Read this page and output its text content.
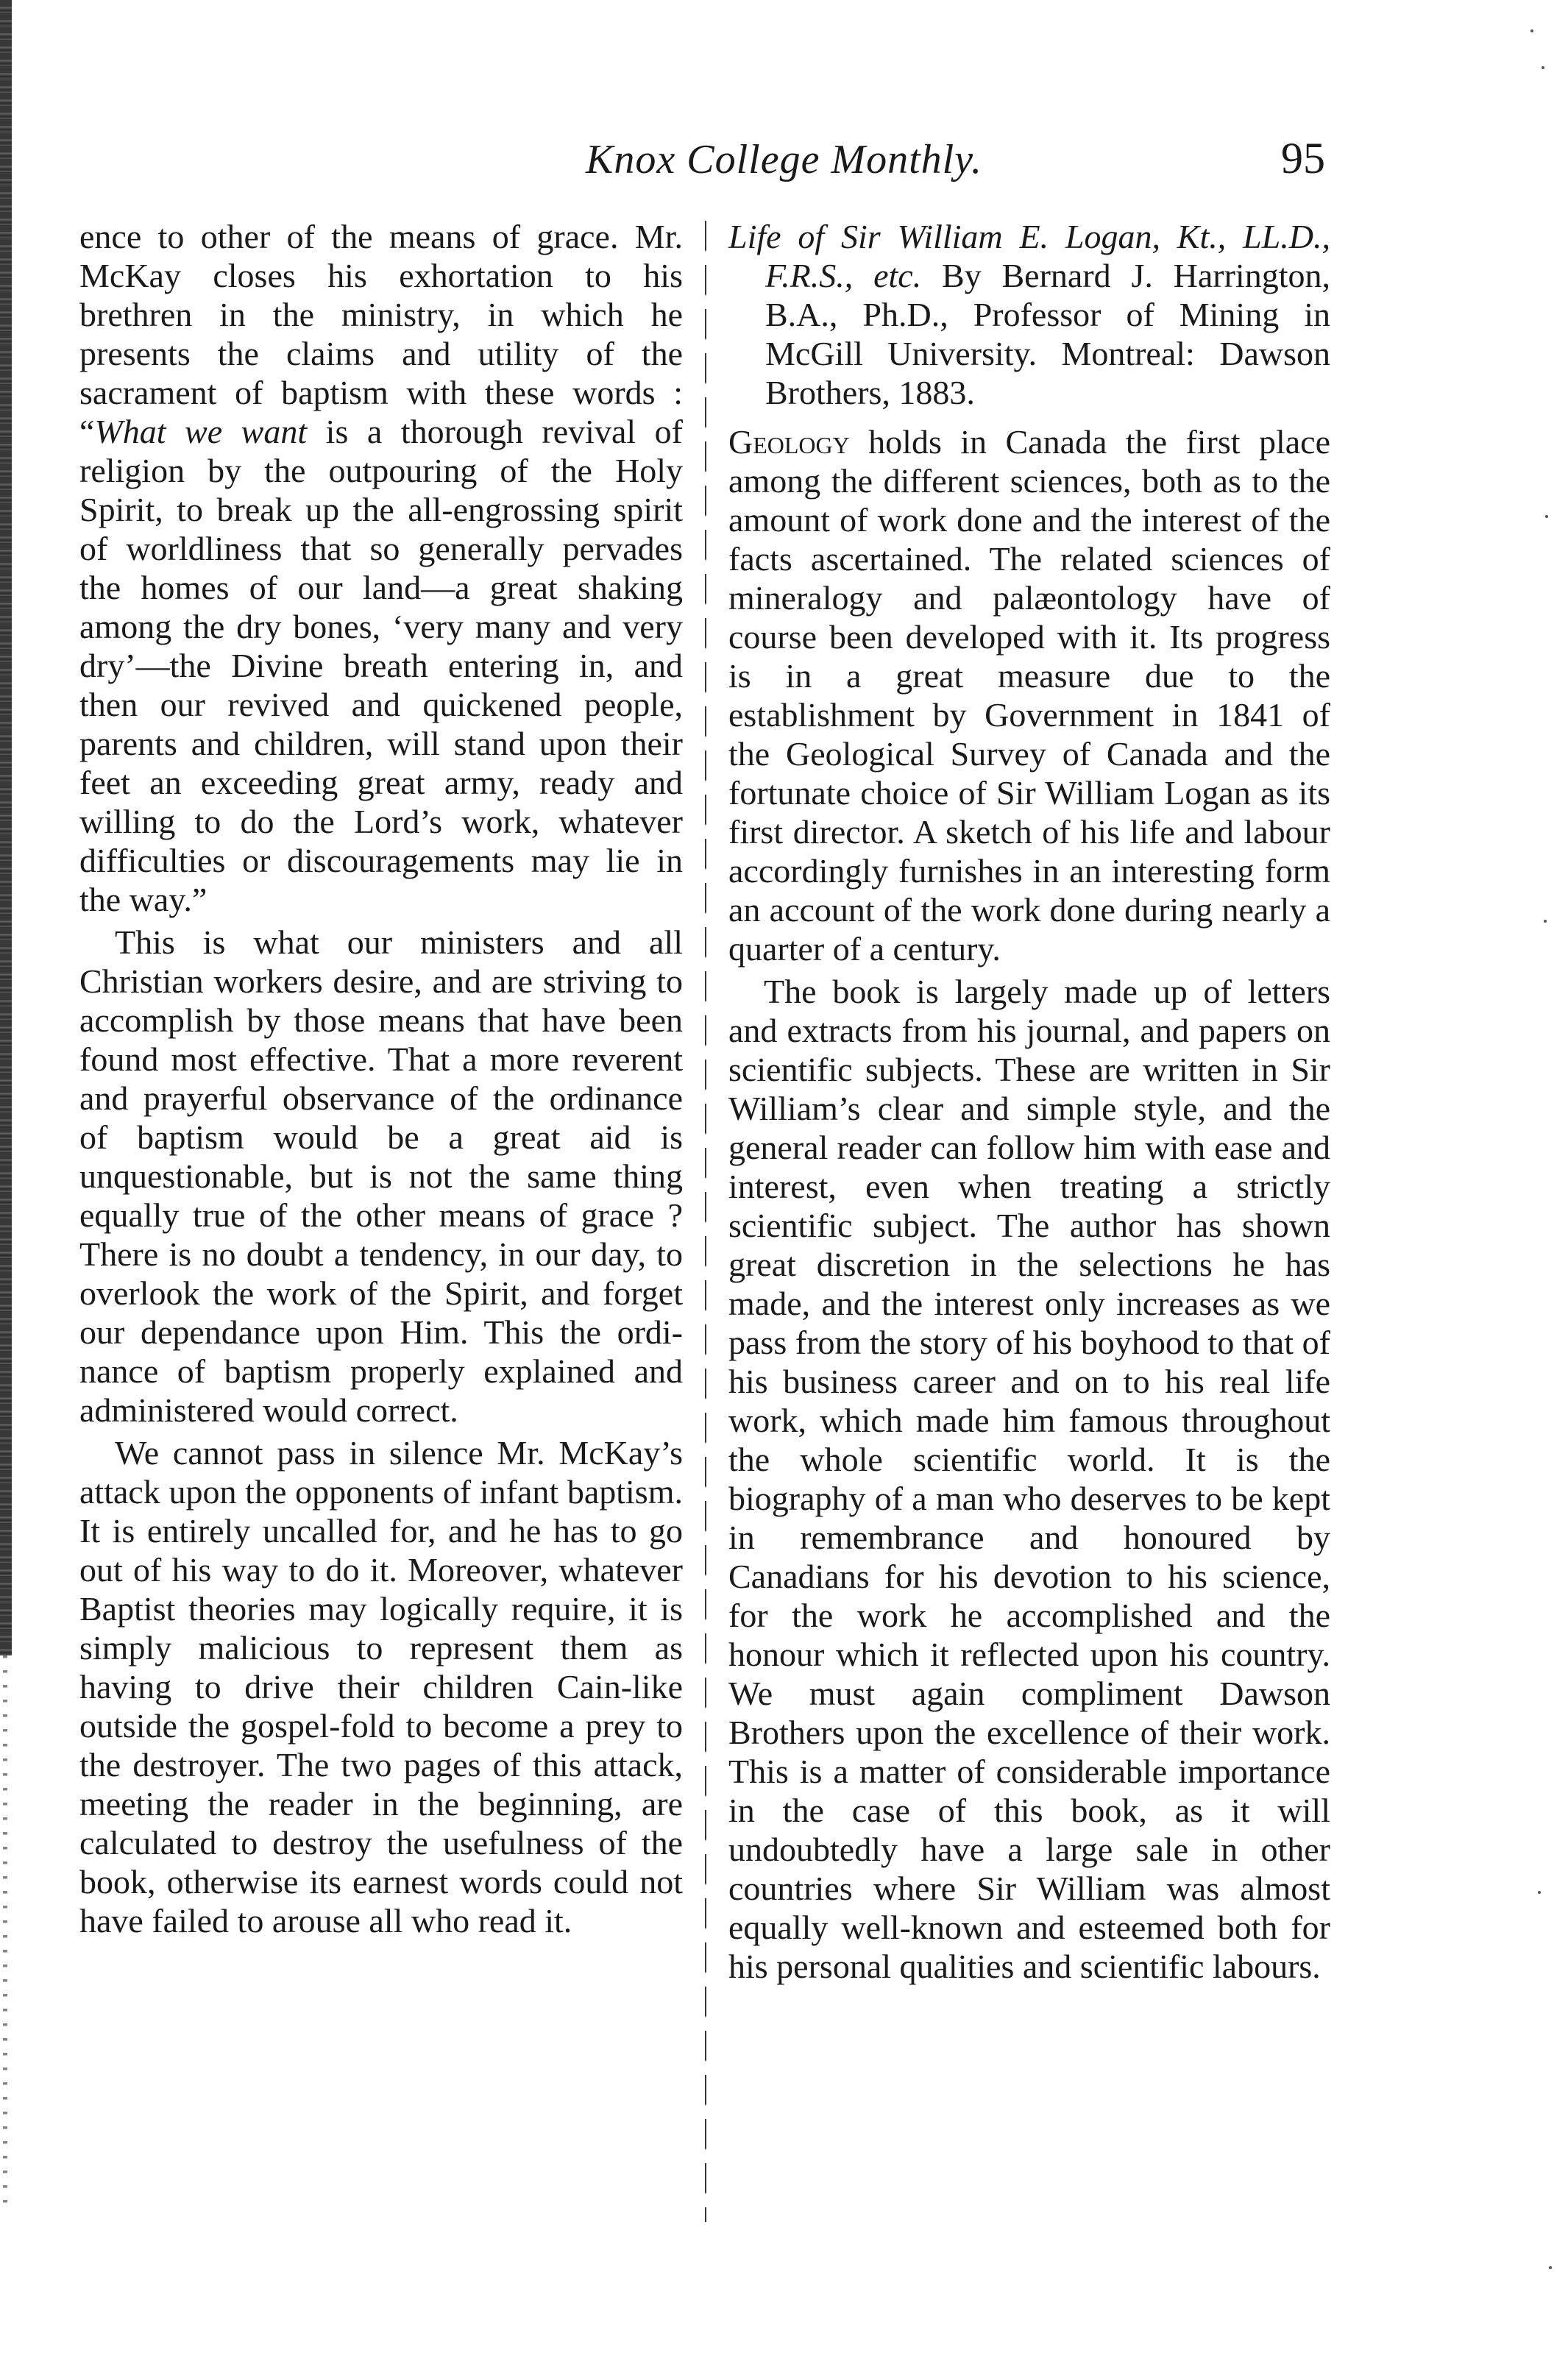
Knox College Monthly.	95

ence to other of the means of grace. Mr. McKay closes his exhortation to his brethren in the ministry, in which he presents the claims and utility of the sacrament of baptism with these words : “What we want is a thorough revival of religion by the outpouring of the Holy Spirit, to break up the all-engrossing spirit of worldliness that so generally pervades the homes of our land—a great shaking among the dry bones, ‘very many and very dry’—the Divine breath entering in, and then our revived and quickened people, parents and children, will stand upon their feet an exceeding great army, ready and willing to do the Lord’s work, whatever difficulties or discouragements may lie in the way.”

This is what our ministers and all Christian workers desire, and are striving to accomplish by those means that have been found most effective. That a more reverent and prayerful observance of the ordinance of baptism would be a great aid is unquestionable, but is not the same thing equally true of the other means of grace ? There is no doubt a tendency, in our day, to overlook the work of the Spirit, and forget our dependance upon Him. This the ordinance of baptism properly explained and administered would correct.

We cannot pass in silence Mr. McKay’s attack upon the opponents of infant baptism. It is entirely uncalled for, and he has to go out of his way to do it. Moreover, whatever Baptist theories may logically require, it is simply malicious to represent them as having to drive their children Cain-like outside the gospel-fold to become a prey to the destroyer. The two pages of this attack, meeting the reader in the beginning, are calculated to destroy the usefulness of the book, otherwise its earnest words could not have failed to arouse all who read it.

Life of Sir William E. Logan, Kt., LL.D., F.R.S., etc. By Bernard J. Harrington, B.A., Ph.D., Professor of Mining in McGill University. Montreal: Dawson Brothers, 1883.

Geology holds in Canada the first place among the different sciences, both as to the amount of work done and the interest of the facts ascertained. The related sciences of mineralogy and palæontology have of course been developed with it. Its progress is in a great measure due to the establishment by Government in 1841 of the Geological Survey of Canada and the fortunate choice of Sir William Logan as its first director. A sketch of his life and labour accordingly furnishes in an interesting form an account of the work done during nearly a quarter of a century.

The book is largely made up of letters and extracts from his journal, and papers on scientific subjects. These are written in Sir William’s clear and simple style, and the general reader can follow him with ease and interest, even when treating a strictly scientific subject. The author has shown great discretion in the selections he has made, and the interest only increases as we pass from the story of his boyhood to that of his business career and on to his real life work, which made him famous throughout the whole scientific world. It is the biography of a man who deserves to be kept in remembrance and honoured by Canadians for his devotion to his science, for the work he accomplished and the honour which it reflected upon his country. We must again compliment Dawson Brothers upon the excellence of their work. This is a matter of considerable importance in the case of this book, as it will undoubtedly have a large sale in other countries where Sir William was almost equally well-known and esteemed both for his personal qualities and scientific labours.
